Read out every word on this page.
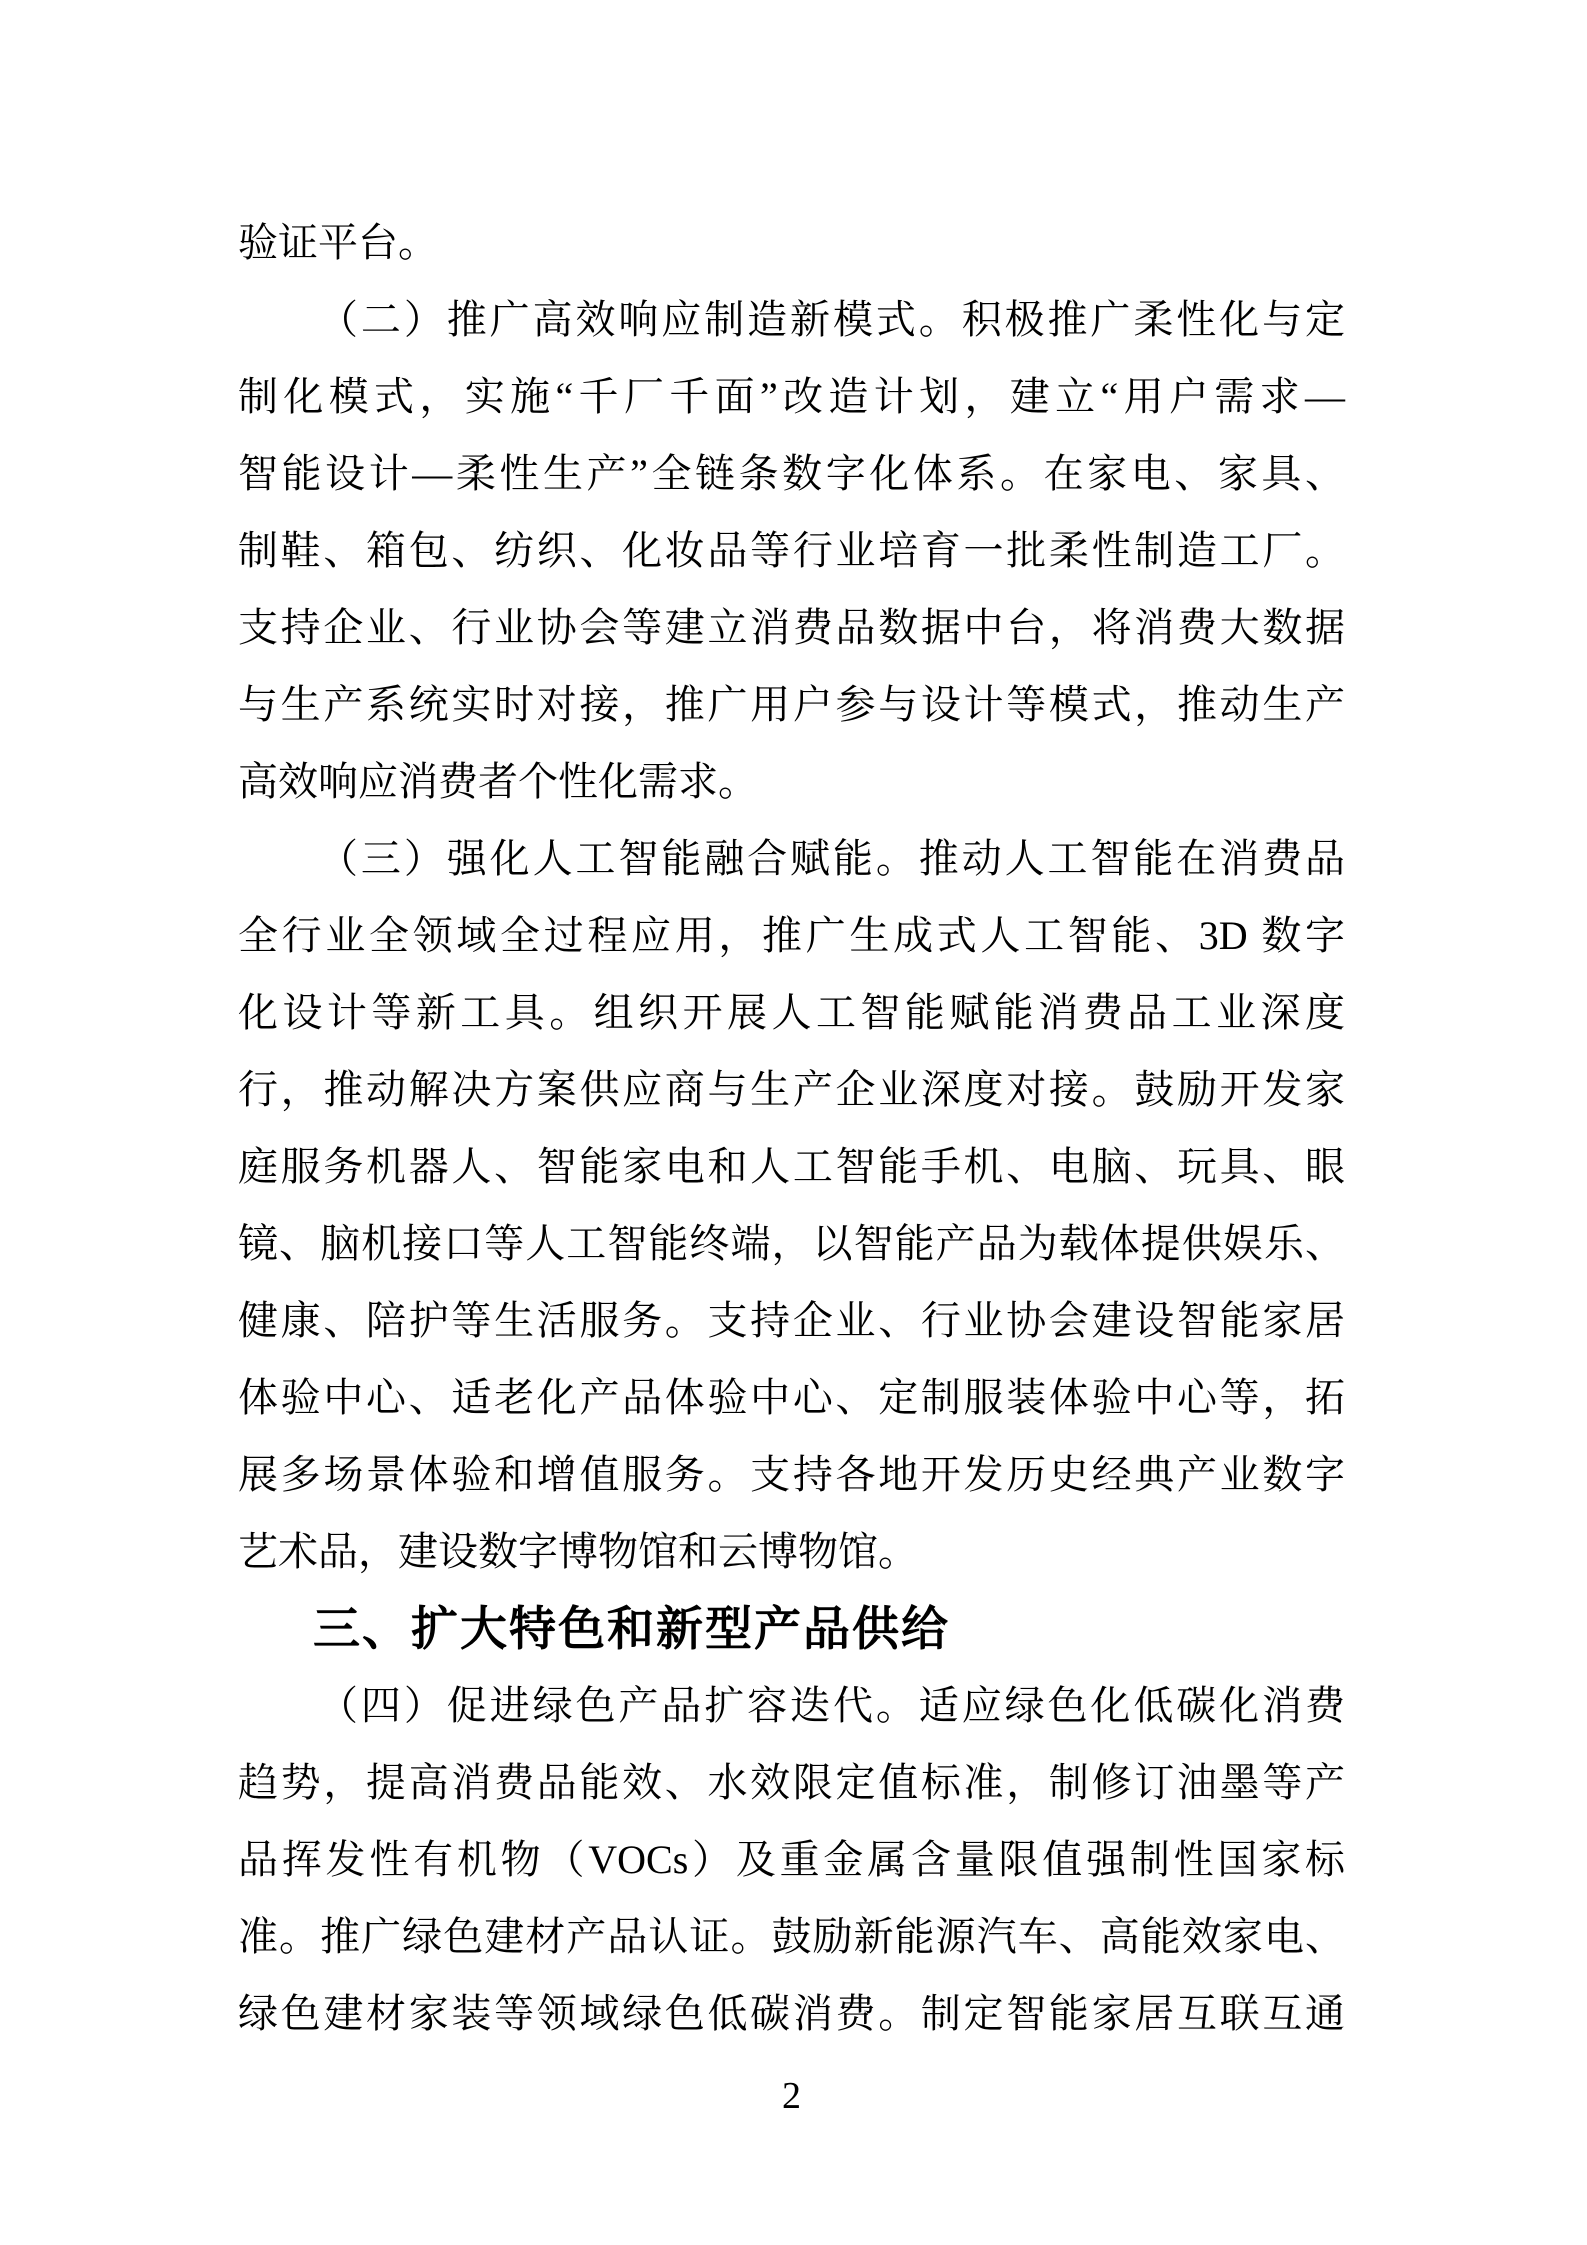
验证平台。
（二）推广高效响应制造新模式。积极推广柔性化与定
制化模式，实施“千厂千面”改造计划，建立“用户需求—
智能设计—柔性生产”全链条数字化体系。在家电、家具、
制鞋、箱包、纺织、化妆品等行业培育一批柔性制造工厂。
支持企业、行业协会等建立消费品数据中台，将消费大数据
与生产系统实时对接，推广用户参与设计等模式，推动生产
高效响应消费者个性化需求。
（三）强化人工智能融合赋能。推动人工智能在消费品
全行业全领域全过程应用，推广生成式人工智能、3D 数字
化设计等新工具。组织开展人工智能赋能消费品工业深度
行，推动解决方案供应商与生产企业深度对接。鼓励开发家
庭服务机器人、智能家电和人工智能手机、电脑、玩具、眼
镜、脑机接口等人工智能终端，以智能产品为载体提供娱乐、
健康、陪护等生活服务。支持企业、行业协会建设智能家居
体验中心、适老化产品体验中心、定制服装体验中心等，拓
展多场景体验和增值服务。支持各地开发历史经典产业数字
艺术品，建设数字博物馆和云博物馆。
三、扩大特色和新型产品供给
（四）促进绿色产品扩容迭代。适应绿色化低碳化消费
趋势，提高消费品能效、水效限定值标准，制修订油墨等产
品挥发性有机物（VOCs）及重金属含量限值强制性国家标
准。推广绿色建材产品认证。鼓励新能源汽车、高能效家电、
绿色建材家装等领域绿色低碳消费。制定智能家居互联互通
2
